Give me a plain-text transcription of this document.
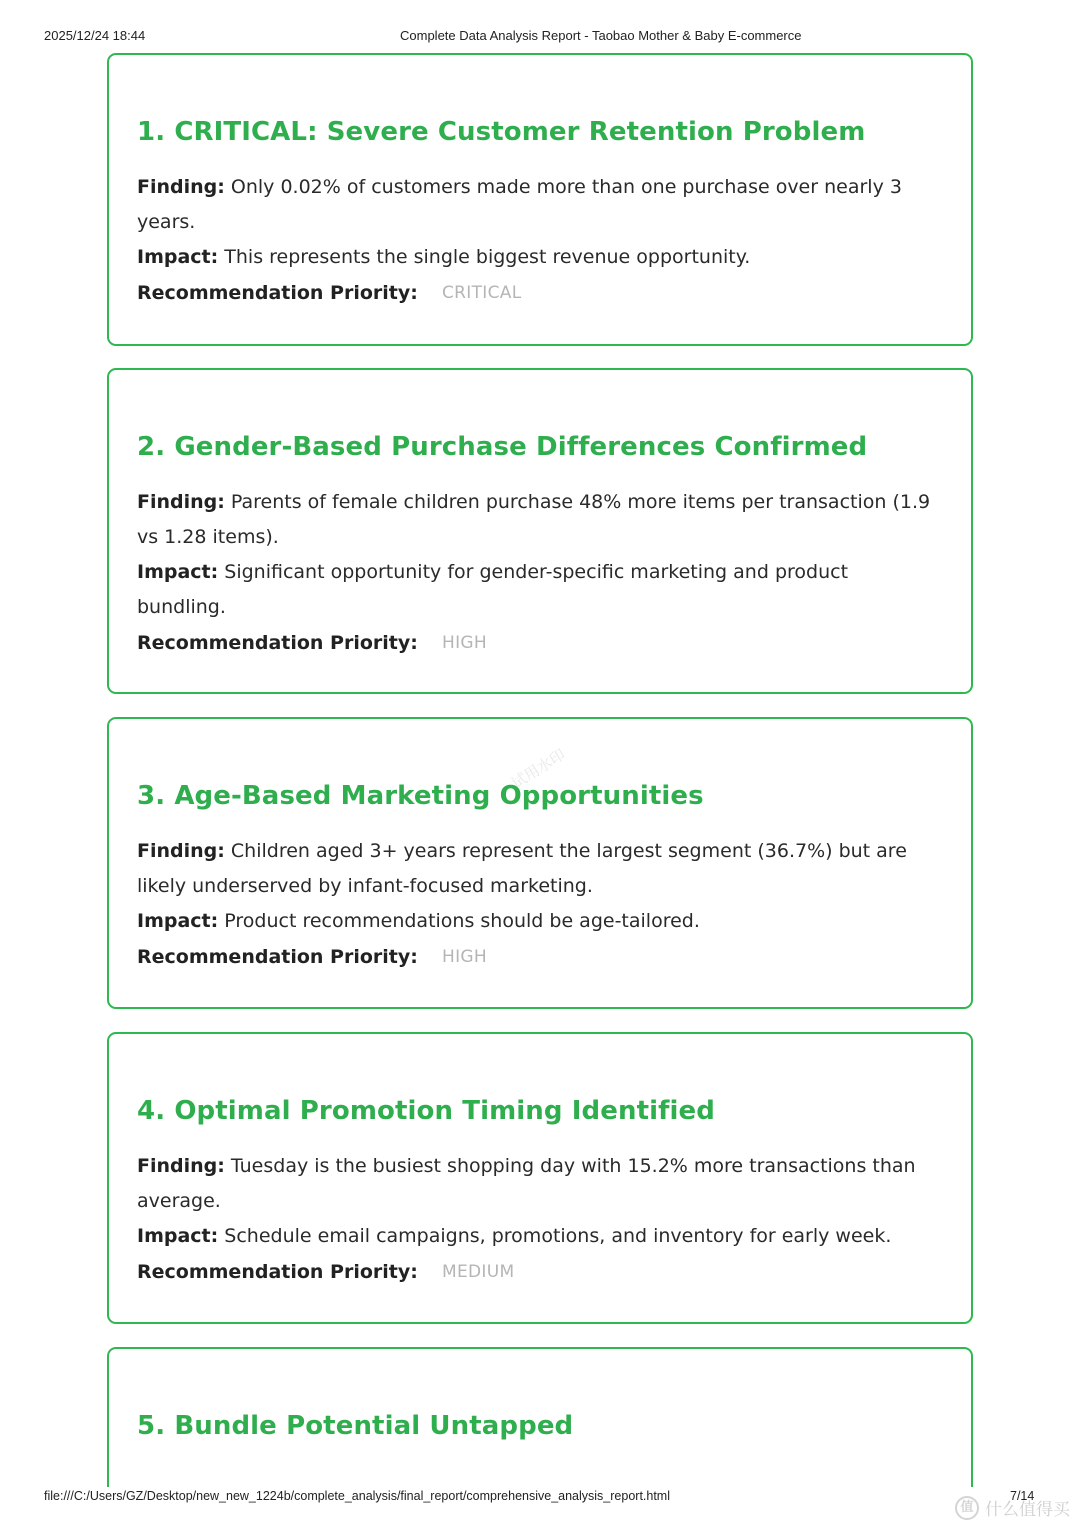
2025/12/24 18:44	Complete Data Analysis Report - Taobao Mother & Baby E-commerce
1. CRITICAL: Severe Customer Retention Problem

Finding: Only 0.02% of customers made more than one purchase over nearly 3 years.

Impact: This represents the single biggest revenue opportunity.

Recommendation Priority: CRITICAL
2. Gender-Based Purchase Differences Confirmed

Finding: Parents of female children purchase 48% more items per transaction (1.9 vs 1.28 items).

Impact: Significant opportunity for gender-specific marketing and product bundling.

Recommendation Priority: HIGH
3. Age-Based Marketing Opportunities

Finding: Children aged 3+ years represent the largest segment (36.7%) but are likely underserved by infant-focused marketing.

Impact: Product recommendations should be age-tailored.

Recommendation Priority: HIGH
试用水印
4. Optimal Promotion Timing Identified

Finding: Tuesday is the busiest shopping day with 15.2% more transactions than average.

Impact: Schedule email campaigns, promotions, and inventory for early week.

Recommendation Priority: MEDIUM
5. Bundle Potential Untapped
file:///C:/Users/GZ/Desktop/new_new_1224b/complete_analysis/final_report/comprehensive_analysis_report.html	7/14
值 什么值得买
